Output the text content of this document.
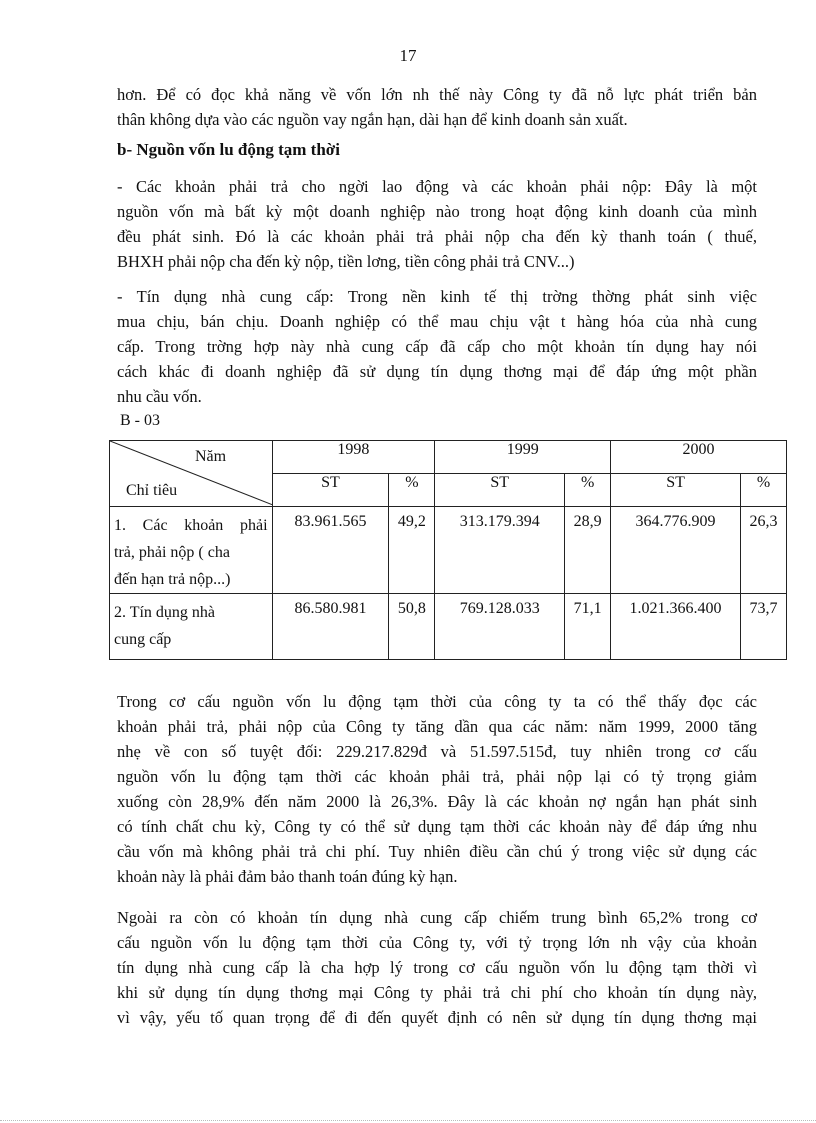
17
hơn. Để có đọc khả năng về vốn lớn nh thế này Công ty đã nỗ lực phát triển bản
thân không dựa vào các nguồn vay ngắn hạn, dài hạn để kinh doanh sản xuất.
b- Nguồn vốn lu động tạm thời
- Các khoản phải trả cho ngời lao động và các khoản phải nộp: Đây là một
nguồn vốn mà bất kỳ một doanh nghiệp nào trong hoạt động kinh doanh của mình
đều phát sinh. Đó là các khoản phải trả phải nộp cha đến kỳ thanh toán ( thuế,
BHXH phải nộp cha đến kỳ nộp, tiền lơng, tiền công phải trả CNV...)
- Tín dụng nhà cung cấp: Trong nền kinh tế thị trờng thờng phát sinh việc
mua chịu, bán chịu. Doanh nghiệp có thể mau chịu vật t hàng hóa của nhà cung
cấp. Trong trờng hợp này nhà cung cấp đã cấp cho một khoản tín dụng hay nói
cách khác đi doanh nghiệp đã sử dụng tín dụng thơng mại để đáp ứng một phần
nhu cầu vốn.
B - 03
Năm
Chỉ tiêu	1998		1999		2000	
	ST	%	ST	%	ST	%

1. Các khoản phải
trả, phải nộp ( cha
đến hạn trả nộp...)	83.961.565	49,2	313.179.394	28,9	364.776.909	26,3

2. Tín dụng nhà
cung cấp	86.580.981	50,8	769.128.033	71,1	1.021.366.400	73,7
Trong cơ cấu nguồn vốn lu động tạm thời của công ty ta có thể thấy đọc các
khoản phải trả, phải nộp của Công ty tăng dần qua các năm: năm 1999, 2000 tăng
nhẹ về con số tuyệt đối: 229.217.829đ và 51.597.515đ, tuy nhiên trong cơ cấu
nguồn vốn lu động tạm thời các khoản phải trả, phải nộp lại có tỷ trọng giảm
xuống còn 28,9% đến năm 2000 là 26,3%. Đây là các khoản nợ ngắn hạn phát sinh
có tính chất chu kỳ, Công ty có thể sử dụng tạm thời các khoản này để đáp ứng nhu
cầu vốn mà không phải trả chi phí. Tuy nhiên điều cần chú ý trong việc sử dụng các
khoản này là phải đảm bảo thanh toán đúng kỳ hạn.
Ngoài ra còn có khoản tín dụng nhà cung cấp chiếm trung bình 65,2% trong cơ
cấu nguồn vốn lu động tạm thời của Công ty, với tỷ trọng lớn nh vậy của khoản
tín dụng nhà cung cấp là cha hợp lý trong cơ cấu nguồn vốn lu động tạm thời vì
khi sử dụng tín dụng thơng mại Công ty phải trả chi phí cho khoản tín dụng này,
vì vậy, yếu tố quan trọng để đi đến quyết định có nên sử dụng tín dụng thơng mại
